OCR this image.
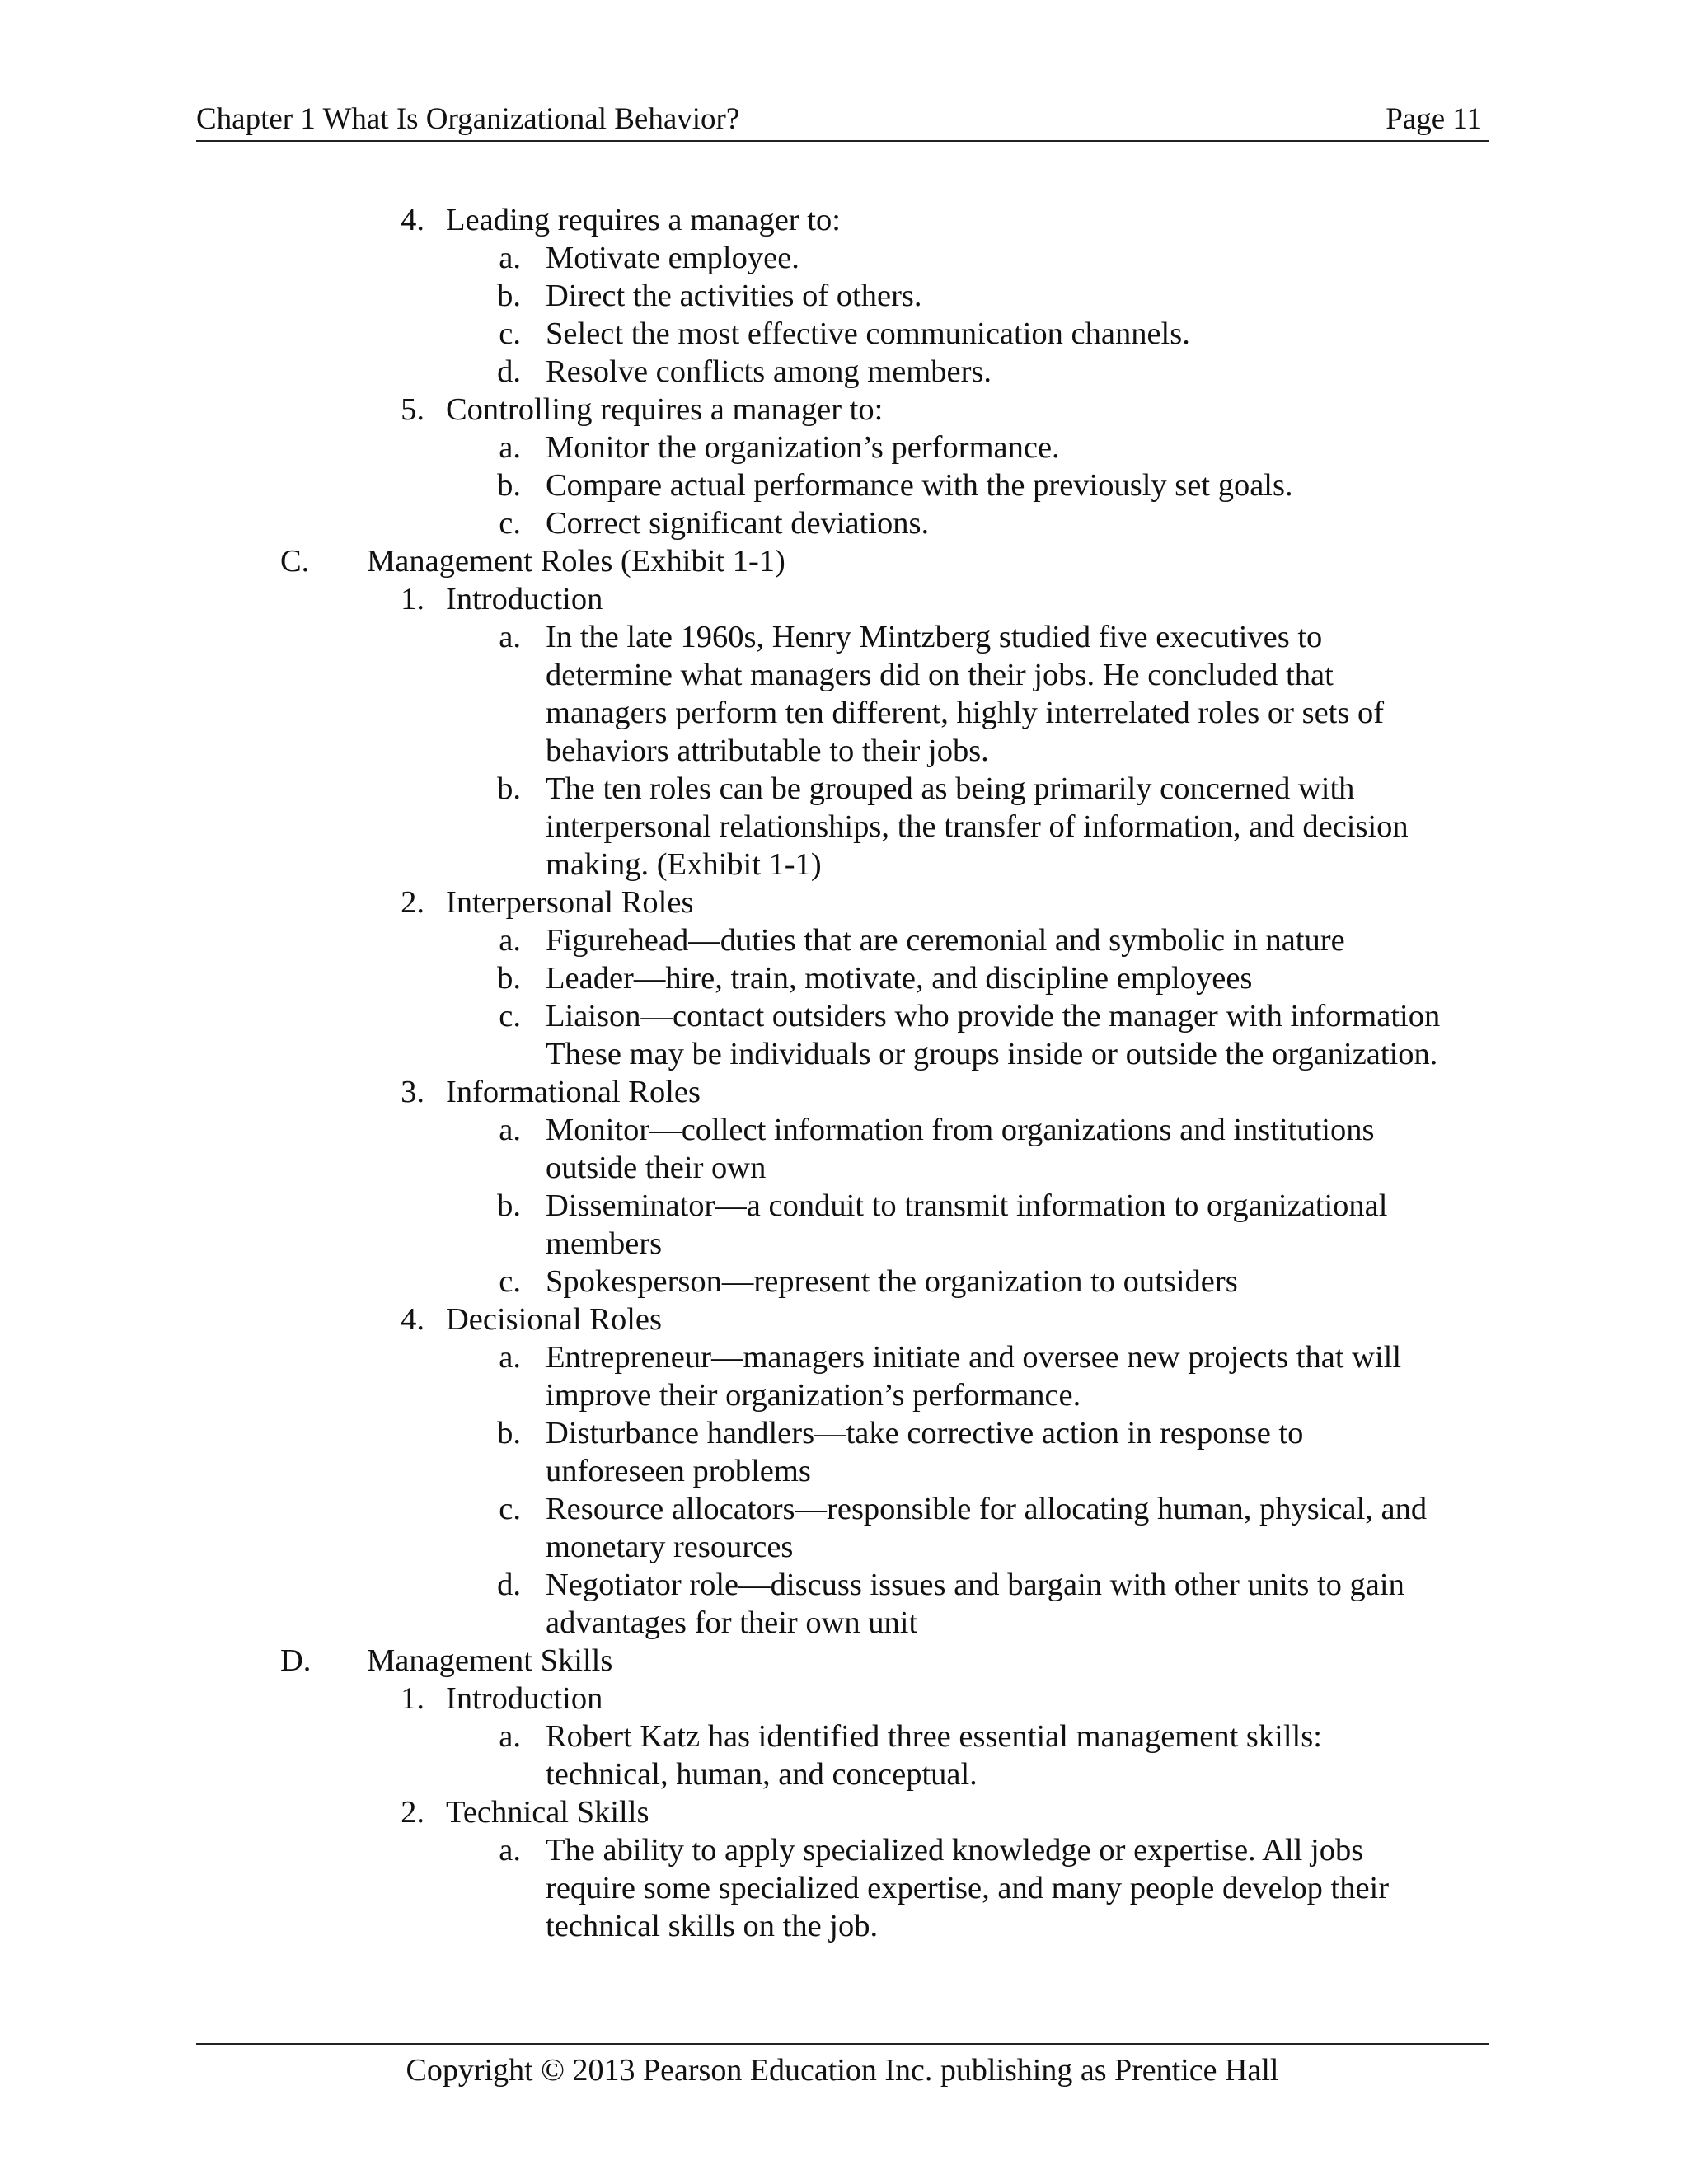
Chapter 1 What Is Organizational Behavior?	Page 11
4. Leading requires a manager to:
a. Motivate employee.
b. Direct the activities of others.
c. Select the most effective communication channels.
d. Resolve conflicts among members.
5. Controlling requires a manager to:
a. Monitor the organization’s performance.
b. Compare actual performance with the previously set goals.
c. Correct significant deviations.
C.	Management Roles (Exhibit 1-1)
1. Introduction
a. In the late 1960s, Henry Mintzberg studied five executives to
determine what managers did on their jobs. He concluded that
managers perform ten different, highly interrelated roles or sets of
behaviors attributable to their jobs.
b. The ten roles can be grouped as being primarily concerned with
interpersonal relationships, the transfer of information, and decision
making. (Exhibit 1-1)
2. Interpersonal Roles
a. Figurehead—duties that are ceremonial and symbolic in nature
b. Leader—hire, train, motivate, and discipline employees
c. Liaison—contact outsiders who provide the manager with information
These may be individuals or groups inside or outside the organization.
3. Informational Roles
a. Monitor—collect information from organizations and institutions
outside their own
b. Disseminator—a conduit to transmit information to organizational
members
c. Spokesperson—represent the organization to outsiders
4. Decisional Roles
a. Entrepreneur—managers initiate and oversee new projects that will
improve their organization’s performance.
b. Disturbance handlers—take corrective action in response to
unforeseen problems
c. Resource allocators—responsible for allocating human, physical, and
monetary resources
d. Negotiator role—discuss issues and bargain with other units to gain
advantages for their own unit
D.	Management Skills
1. Introduction
a. Robert Katz has identified three essential management skills:
technical, human, and conceptual.
2. Technical Skills
a. The ability to apply specialized knowledge or expertise. All jobs
require some specialized expertise, and many people develop their
technical skills on the job.
Copyright © 2013 Pearson Education Inc. publishing as Prentice Hall
